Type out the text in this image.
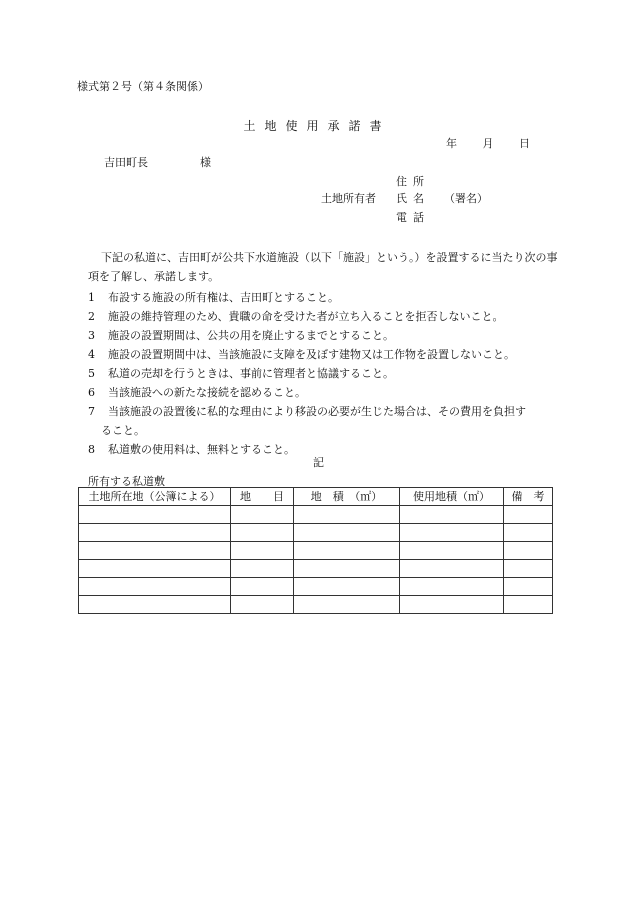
様式第２号（第４条関係）
土地使用承諾書
年 月 日
吉田町長	様
住所
土地所有者 氏名 （署名）
電話
下記の私道に、吉田町が公共下水道施設（以下「施設」という。）を設置するに当たり次の事項を了解し、承諾します。
1 布設する施設の所有権は、吉田町とすること。
2 施設の維持管理のため、貴職の命を受けた者が立ち入ることを拒否しないこと。
3 施設の設置期間は、公共の用を廃止するまでとすること。
4 施設の設置期間中は、当該施設に支障を及ぼす建物又は工作物を設置しないこと。
5 私道の売却を行うときは、事前に管理者と協議すること。
6 当該施設への新たな接続を認めること。
7 当該施設の設置後に私的な理由により移設の必要が生じた場合は、その費用を負担す
ること。
8 私道敷の使用料は、無料とすること。
記
所有する私道敷
土地所在地（公簿による）	地　　目	地　積　（㎡）	使用地積（㎡）	備　考
